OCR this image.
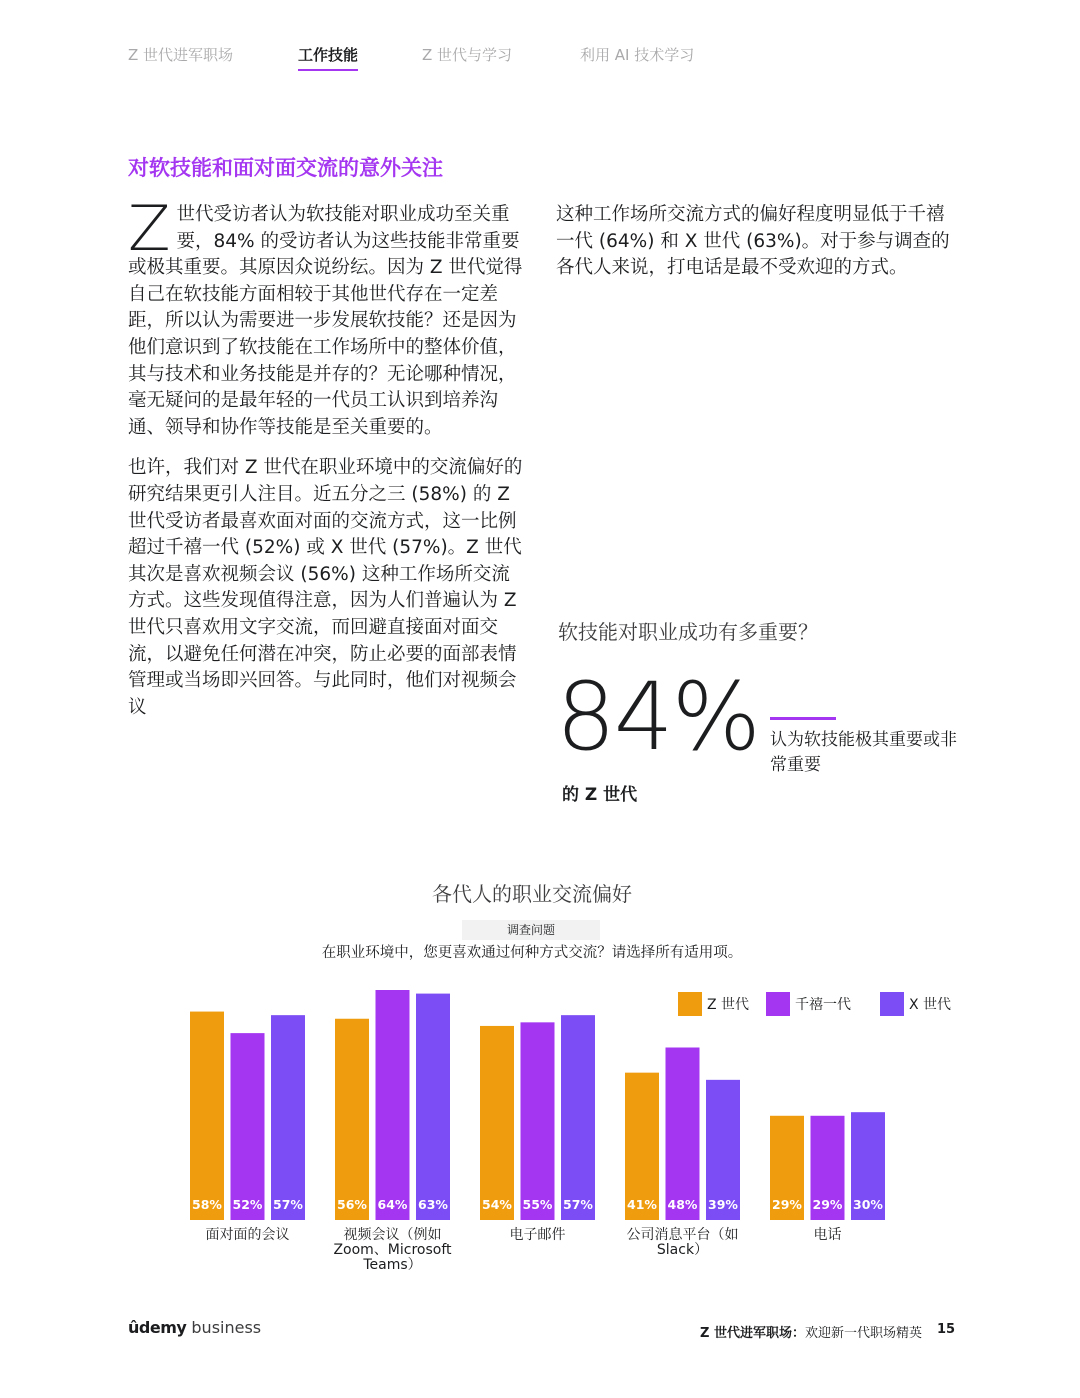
Z 世代进军职场	工作技能	Z 世代与学习	利用 AI 技术学习
对软技能和面对面交流的意外关注

Z世代受访者认为软技能对职业成功至关重要，84% 的受访者认为这些技能非常重要或极其重要。其原因众说纷纭。因为 Z 世代觉得自己在软技能方面相较于其他世代存在一定差距，所以认为需要进一步发展软技能？还是因为他们意识到了软技能在工作场所中的整体价值，其与技术和业务技能是并存的？无论哪种情况，毫无疑问的是最年轻的一代员工认识到培养沟通、领导和协作等技能是至关重要的。

也许，我们对 Z 世代在职业环境中的交流偏好的研究结果更引人注目。近五分之三 (58%) 的 Z 世代受访者最喜欢面对面的交流方式，这一比例超过千禧一代 (52%) 或 X 世代 (57%)。Z 世代其次是喜欢视频会议 (56%) 这种工作场所交流方式。这些发现值得注意，因为人们普遍认为 Z 世代只喜欢用文字交流，而回避直接面对面交流，以避免任何潜在冲突，防止必要的面部表情管理或当场即兴回答。与此同时，他们对视频会议

这种工作场所交流方式的偏好程度明显低于千禧一代 (64%) 和 X 世代 (63%)。对于参与调查的各代人来说，打电话是最不受欢迎的方式。

软技能对职业成功有多重要？
84% 认为软技能极其重要或非常重要
的 Z 世代
各代人的职业交流偏好
调查问题
在职业环境中，您更喜欢通过何种方式交流？请选择所有适用项。
Z 世代	千禧一代	X 世代
58% 52% 57%	56% 64% 63%	54% 55% 57%	41% 48% 39%	29% 29% 30%
面对面的会议	视频会议（例如
Zoom、Microsoft
Teams）
电子邮件	公司消息平台（如
Slack）
电话
ûdemy business	Z 世代进军职场：欢迎新一代职场精英 15
